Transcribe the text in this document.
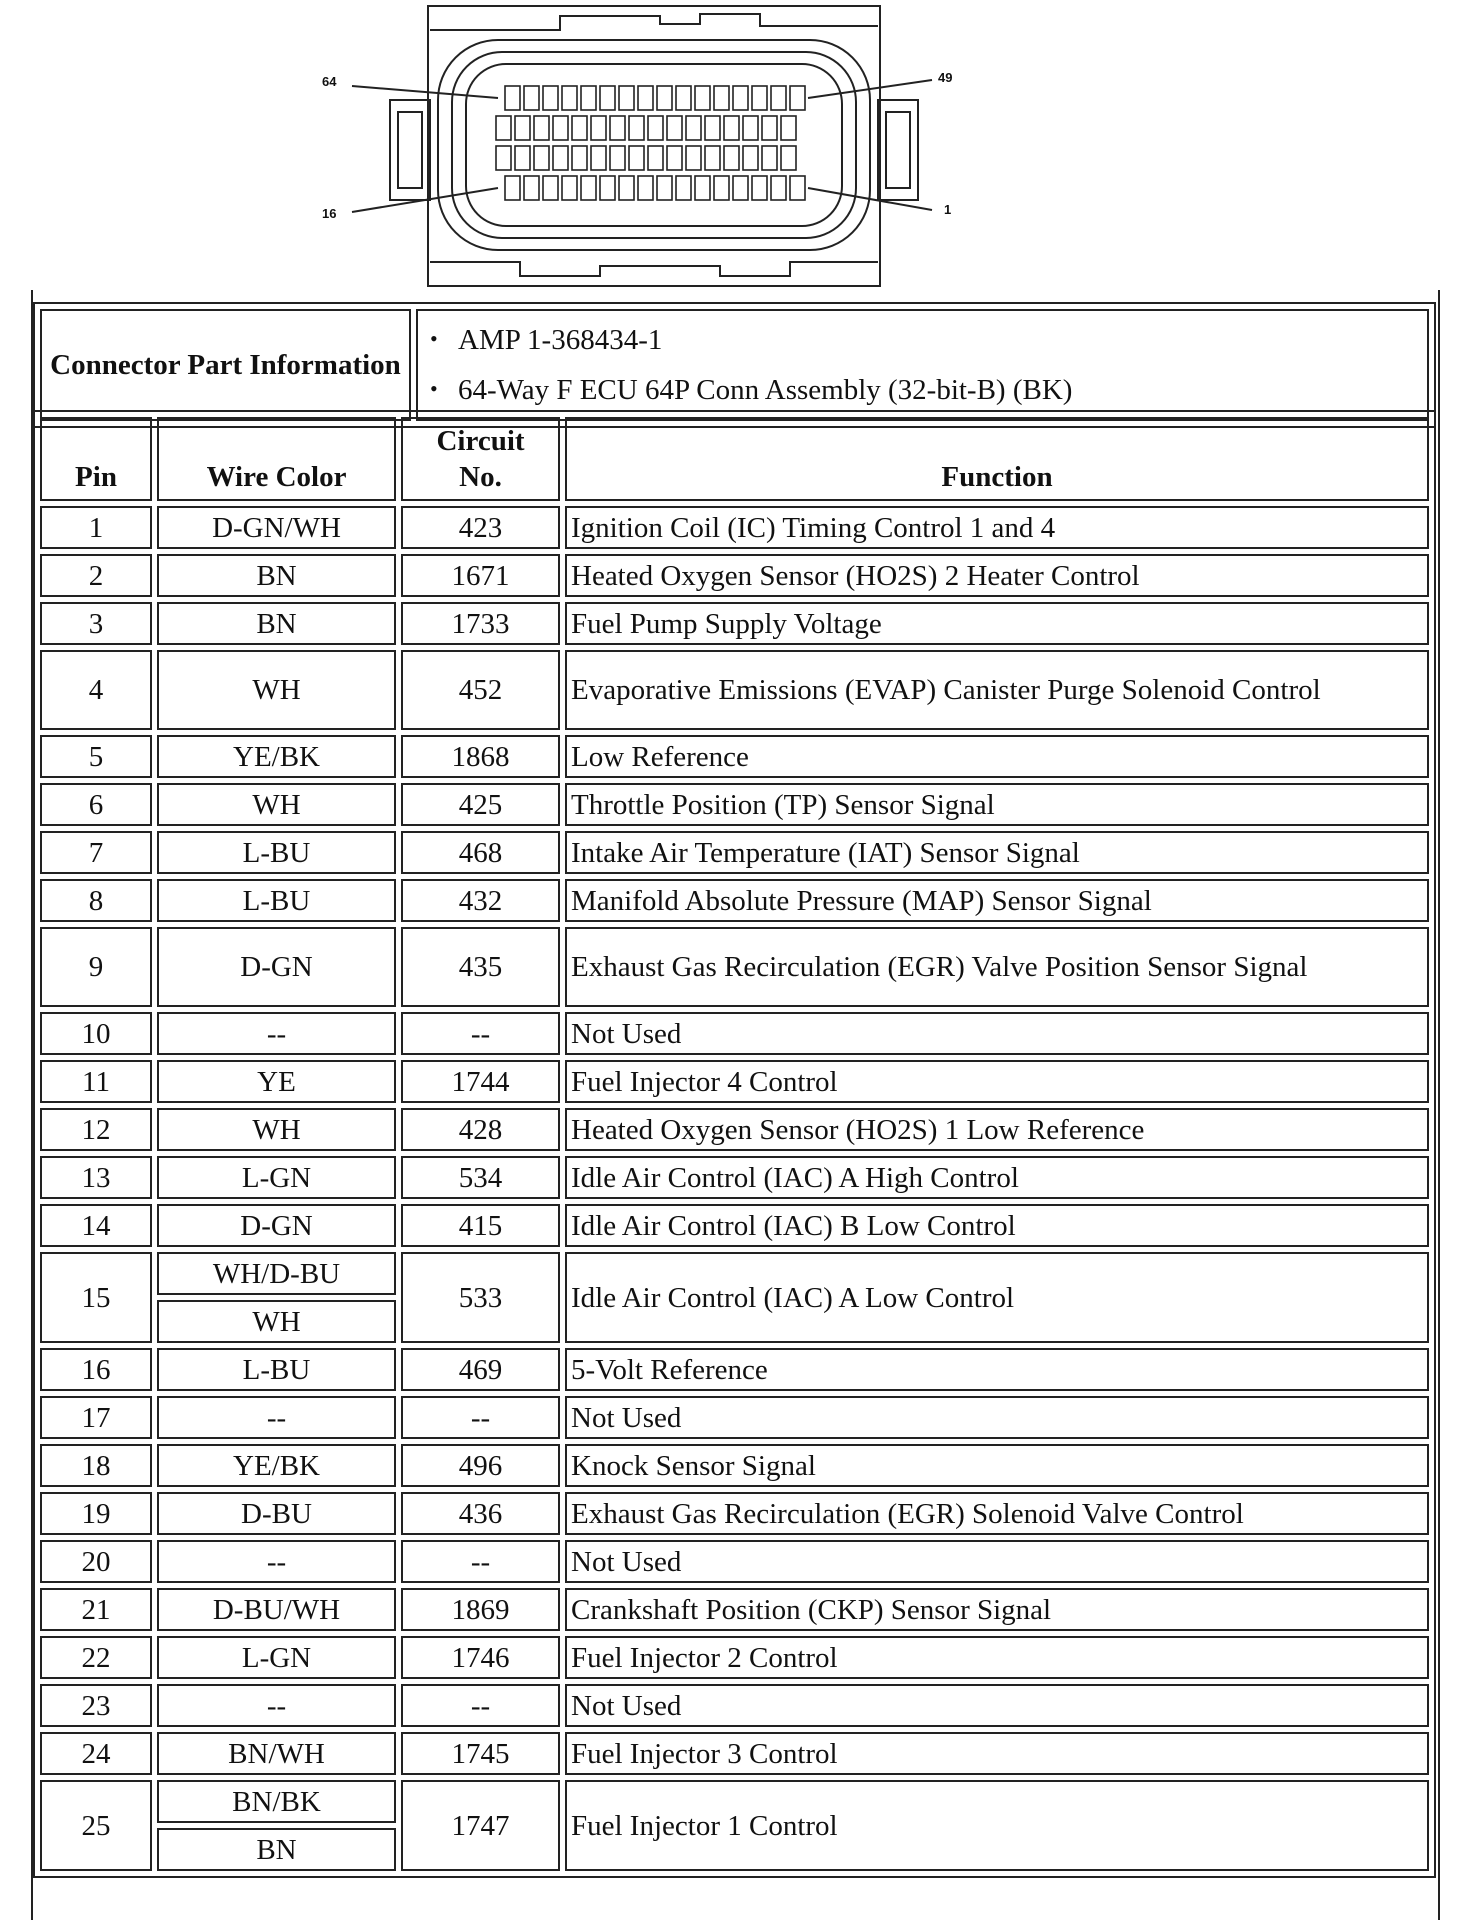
64	49
16	1
Connector Part Information	
• AMP 1-368434-1
• 64-Way F ECU 64P Conn Assembly (32-bit-B) (BK)
Pin	Wire Color	Circuit No.	Function
1	D-GN/WH	423	Ignition Coil (IC) Timing Control 1 and 4
2	BN	1671	Heated Oxygen Sensor (HO2S) 2 Heater Control
3	BN	1733	Fuel Pump Supply Voltage
4	WH	452	Evaporative Emissions (EVAP) Canister Purge Solenoid Control
5	YE/BK	1868	Low Reference
6	WH	425	Throttle Position (TP) Sensor Signal
7	L-BU	468	Intake Air Temperature (IAT) Sensor Signal
8	L-BU	432	Manifold Absolute Pressure (MAP) Sensor Signal
9	D-GN	435	Exhaust Gas Recirculation (EGR) Valve Position Sensor Signal
10	--	--	Not Used
11	YE	1744	Fuel Injector 4 Control
12	WH	428	Heated Oxygen Sensor (HO2S) 1 Low Reference
13	L-GN	534	Idle Air Control (IAC) A High Control
14	D-GN	415	Idle Air Control (IAC) B Low Control
15	WH/D-BU	533	Idle Air Control (IAC) A Low Control
	WH		
16	L-BU	469	5-Volt Reference
17	--	--	Not Used
18	YE/BK	496	Knock Sensor Signal
19	D-BU	436	Exhaust Gas Recirculation (EGR) Solenoid Valve Control
20	--	--	Not Used
21	D-BU/WH	1869	Crankshaft Position (CKP) Sensor Signal
22	L-GN	1746	Fuel Injector 2 Control
23	--	--	Not Used
24	BN/WH	1745	Fuel Injector 3 Control
25	BN/BK	1747	Fuel Injector 1 Control
	BN		
